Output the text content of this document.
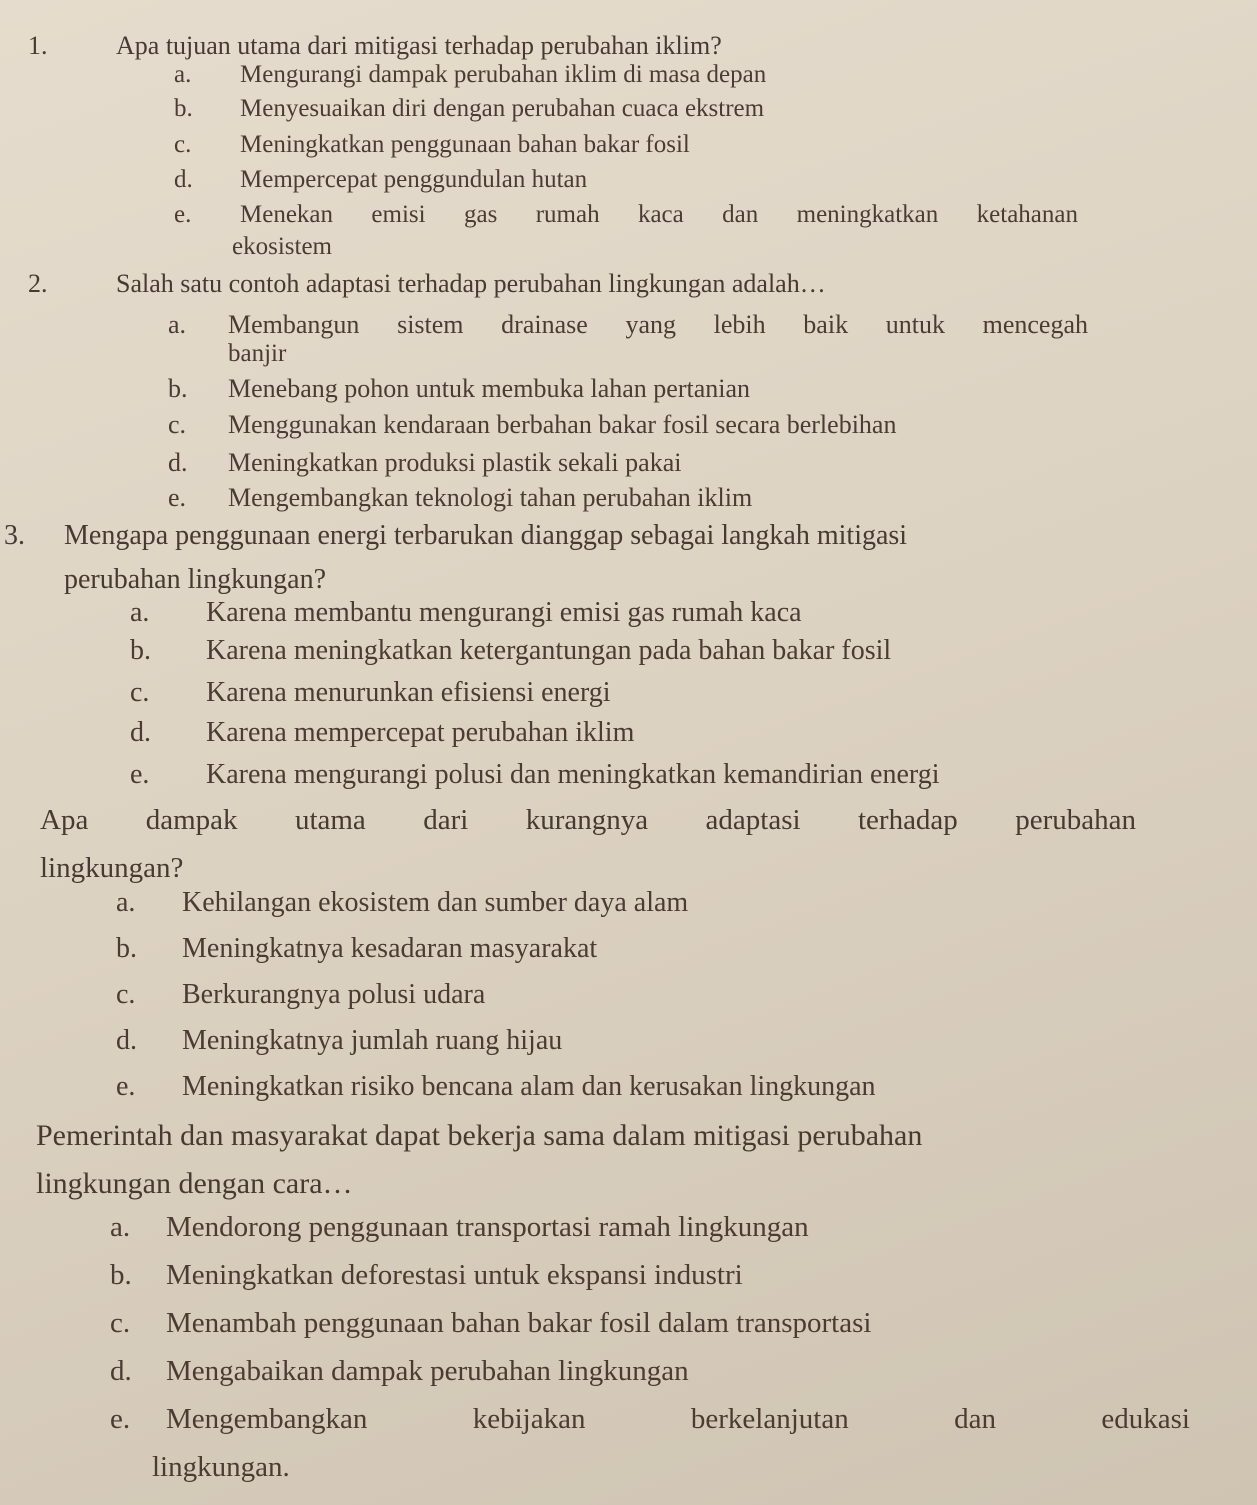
1.	Apa tujuan utama dari mitigasi terhadap perubahan iklim?

a. Mengurangi dampak perubahan iklim di masa depan

b. Menyesuaikan diri dengan perubahan cuaca ekstrem

c. Meningkatkan penggunaan bahan bakar fosil

d. Mempercepat penggundulan hutan

e. Menekan emisi gas rumah kaca dan meningkatkan ketahanan

ekosistem

2.	Salah satu contoh adaptasi terhadap perubahan lingkungan adalah…

a. Membangun sistem drainase yang lebih baik untuk mencegah

banjir

b. Menebang pohon untuk membuka lahan pertanian

c. Menggunakan kendaraan berbahan bakar fosil secara berlebihan

d. Meningkatkan produksi plastik sekali pakai

e. Mengembangkan teknologi tahan perubahan iklim

3. Mengapa penggunaan energi terbarukan dianggap sebagai langkah mitigasi

perubahan lingkungan?

a. Karena membantu mengurangi emisi gas rumah kaca

b. Karena meningkatkan ketergantungan pada bahan bakar fosil

c. Karena menurunkan efisiensi energi

d. Karena mempercepat perubahan iklim

e. Karena mengurangi polusi dan meningkatkan kemandirian energi

Apa dampak utama dari kurangnya adaptasi terhadap perubahan

lingkungan?

a. Kehilangan ekosistem dan sumber daya alam

b. Meningkatnya kesadaran masyarakat

c. Berkurangnya polusi udara

d. Meningkatnya jumlah ruang hijau

e. Meningkatkan risiko bencana alam dan kerusakan lingkungan

Pemerintah dan masyarakat dapat bekerja sama dalam mitigasi perubahan

lingkungan dengan cara…

a. Mendorong penggunaan transportasi ramah lingkungan

b. Meningkatkan deforestasi untuk ekspansi industri

c. Menambah penggunaan bahan bakar fosil dalam transportasi

d. Mengabaikan dampak perubahan lingkungan

e. Mengembangkan kebijakan berkelanjutan dan edukasi

lingkungan.
